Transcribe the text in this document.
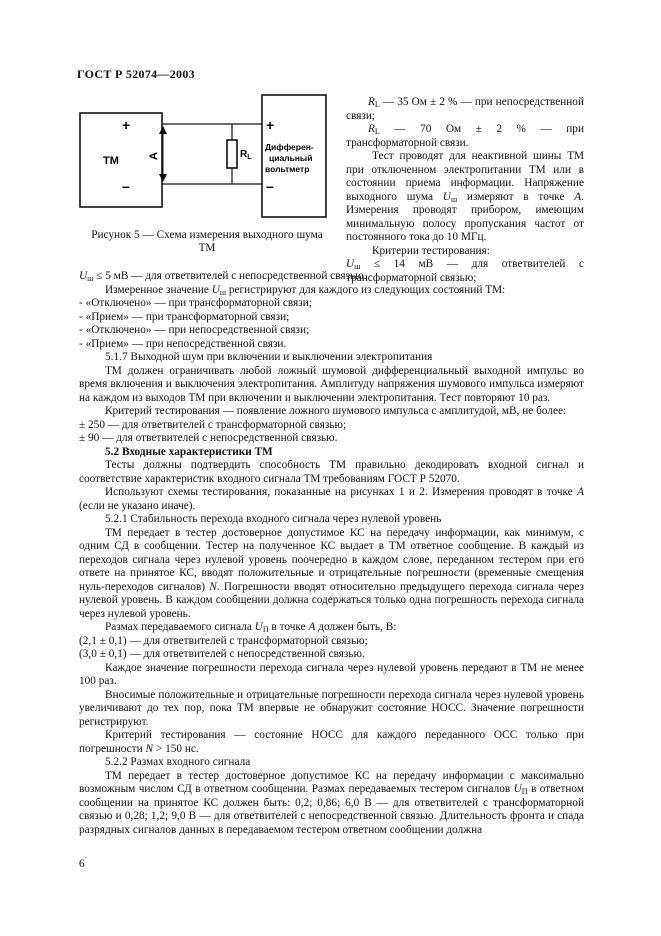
ГОСТ Р 52074—2003
ТМ
+
–
+
–
Дифферен-
циальный
вольтметр
А	$R_L$
Рисунок 5 — Схема измерения выходного шума
ТМ

$R_L$ — 35 Ом ± 2 % — при непосредственной связи;

$R_L$ — 70 Ом ± 2 % — при трансформаторной связи.

Тест проводят для неактивной шины ТМ при отключенном электропитании ТМ или в состоянии приема информации. Напряжение выходного шума $U_ш$ измеряют в точке А. Измерения проводят прибором, имеющим минимальную полосу пропускания частот от постоянного тока до 10 МГц.

Критерии тестирования:

$U_ш \le 14$ мВ — для ответвителей с трансформаторной связью;

$U_ш \le 5$ мВ — для ответвителей с непосредственной связью.

Измеренное значение $U_ш$ регистрируют для каждого из следующих состояний ТМ:

- «Отключено» — при трансформаторной связи;

- «Прием» — при трансформаторной связи;

- «Отключено» — при непосредственной связи;

- «Прием» — при непосредственной связи.

5.1.7 Выходной шум при включении и выключении электропитания

ТМ должен ограничивать любой ложный шумовой дифференциальный выходной импульс во время включения и выключения электропитания. Амплитуду напряжения шумового импульса измеряют на каждом из выходов ТМ при включении и выключении электропитания. Тест повторяют 10 раз.

Критерий тестирования — появление ложного шумового импульса с амплитудой, мВ, не более:

± 250 — для ответвителей с трансформаторной связью;

± 90 — для ответвителей с непосредственной связью.

5.2 Входные характеристики ТМ

Тесты должны подтвердить способность ТМ правильно декодировать входной сигнал и соответствие характеристик входного сигнала ТМ требованиям ГОСТ Р 52070.

Используют схемы тестирования, показанные на рисунках 1 и 2. Измерения проводят в точке А (если не указано иначе).

5.2.1 Стабильность перехода входного сигнала через нулевой уровень

ТМ передает в тестер достоверное допустимое КС на передачу информации, как минимум, с одним СД в сообщении. Тестер на полученное КС выдает в ТМ ответное сообщение. В каждый из переходов сигнала через нулевой уровень поочередно в каждом слове, переданном тестером при его ответе на принятое КС, вводят положительные и отрицательные погрешности (временные смещения нуль-переходов сигналов) N. Погрешности вводят относительно предыдущего перехода сигнала через нулевой уровень. В каждом сообщении должна содержаться только одна погрешность перехода сигнала через нулевой уровень.

Размах передаваемого сигнала $U_П$ в точке А должен быть, В:

(2,1 ± 0,1) — для ответвителей с трансформаторной связью;

(3,0 ± 0,1) — для ответвителей с непосредственной связью.

Каждое значение погрешности перехода сигнала через нулевой уровень передают в ТМ не менее 100 раз.

Вносимые положительные и отрицательные погрешности перехода сигнала через нулевой уровень увеличивают до тех пор, пока ТМ впервые не обнаружит состояние НОСС. Значение погрешности регистрируют.

Критерий тестирования — состояние НОСС для каждого переданного ОСС только при погрешности N > 150 нс.

5.2.2 Размах входного сигнала

ТМ передает в тестер достоверное допустимое КС на передачу информации с максимально возможным числом СД в ответном сообщении. Размах передаваемых тестером сигналов $U_П$ в ответном сообщении на принятое КС должен быть: 0,2; 0,86; 6,0 В — для ответвителей с трансформаторной связью и 0,28; 1,2; 9,0 В — для ответвителей с непосредственной связью. Длительность фронта и спада разрядных сигналов данных в передаваемом тестером ответном сообщении должна

6
